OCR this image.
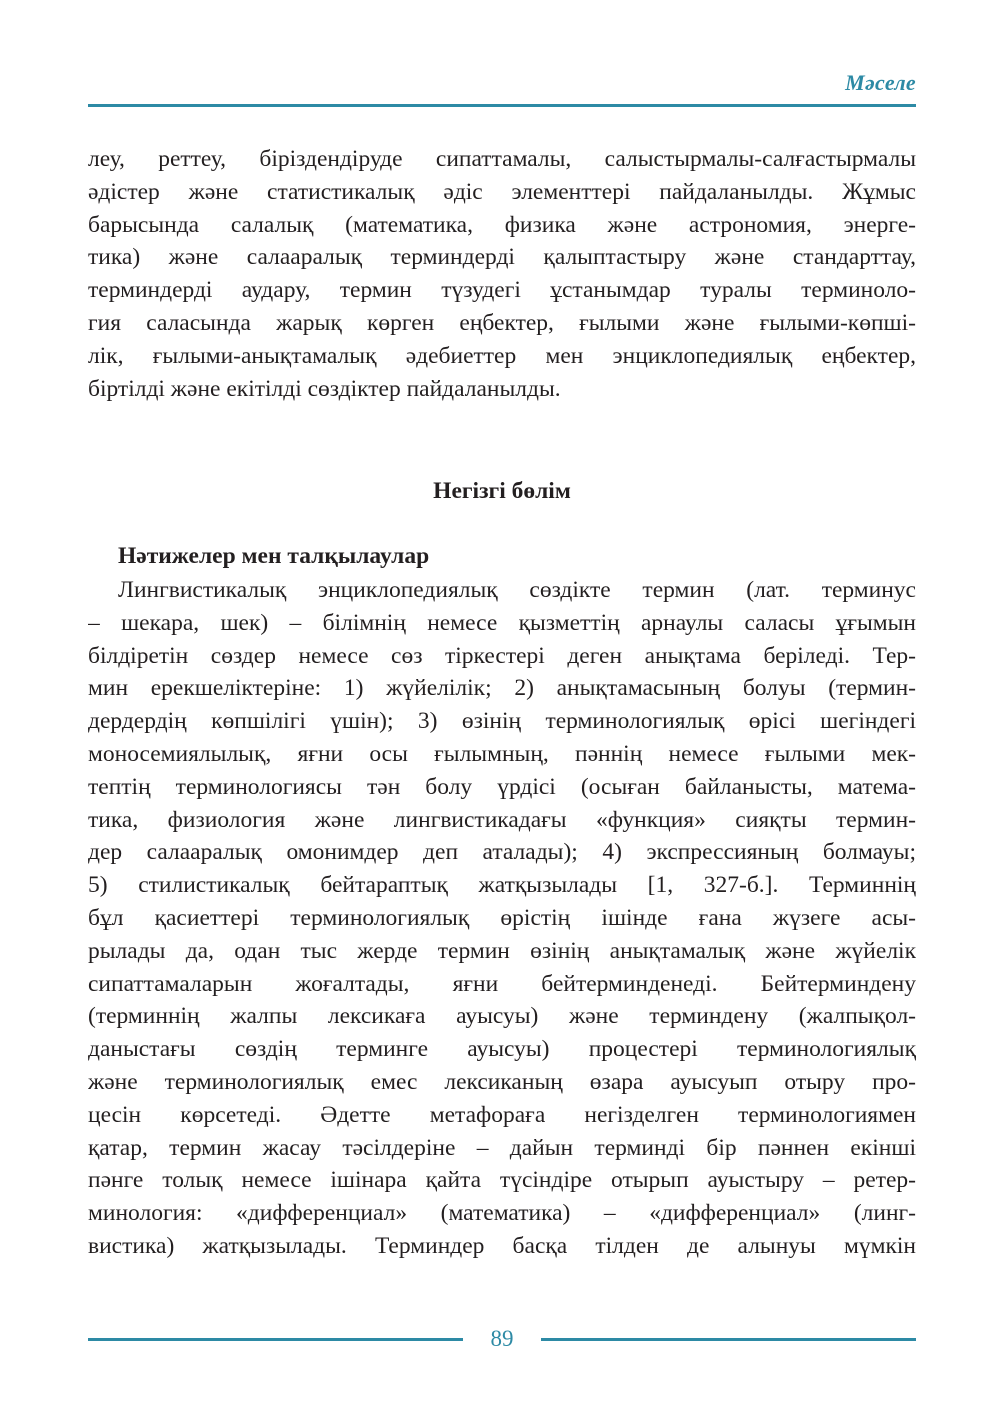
Мәселе
леу, реттеу, біріздендіруде сипаттамалы, салыстырмалы-салғастырмалы
әдістер және статистикалық әдіс элементтері пайдаланылды. Жұмыс
барысында салалық (математика, физика және астрономия, энерге-
тика) және салааралық терминдерді қалыптастыру және стандарттау,
терминдерді аудару, термин түзудегі ұстанымдар туралы терминоло-
гия саласында жарық көрген еңбектер, ғылыми және ғылыми-көпші-
лік, ғылыми-анықтамалық әдебиеттер мен энциклопедиялық еңбектер,
біртілді және екітілді сөздіктер пайдаланылды.
Негізгі бөлім
Нәтижелер мен талқылаулар
Лингвистикалық энциклопедиялық сөздікте термин (лат. терминус
– шекара, шек) – білімнің немесе қызметтің арнаулы саласы ұғымын
білдіретін сөздер немесе сөз тіркестері деген анықтама беріледі. Тер-
мин ерекшеліктеріне: 1) жүйелілік; 2) анықтамасының болуы (термин-
дердердің көпшілігі үшін); 3) өзінің терминологиялық өрісі шегіндегі
моносемиялылық, яғни осы ғылымның, пәннің немесе ғылыми мек-
тептің терминологиясы тән болу үрдісі (осыған байланысты, матема-
тика, физиология және лингвистикадағы «функция» сияқты термин-
дер салааралық омонимдер деп аталады); 4) экспрессияның болмауы;
5) стилистикалық бейтараптық жатқызылады [1, 327-б.]. Терминнің
бұл қасиеттері терминологиялық өрістің ішінде ғана жүзеге асы-
рылады да, одан тыс жерде термин өзінің анықтамалық және жүйелік
сипаттамаларын жоғалтады, яғни бейтерминденеді. Бейтерминдену
(терминнің жалпы лексикаға ауысуы) және терминдену (жалпықол-
даныстағы сөздің терминге ауысуы) процестері терминологиялық
және терминологиялық емес лексиканың өзара ауысуып отыру про-
цесін көрсетеді. Әдетте метафораға негізделген терминологиямен
қатар, термин жасау тәсілдеріне – дайын терминді бір пәннен екінші
пәнге толық немесе ішінара қайта түсіндіре отырып ауыстыру – ретер-
минология: «дифференциал» (математика) – «дифференциал» (линг-
вистика) жатқызылады. Терминдер басқа тілден де алынуы мүмкін
89
